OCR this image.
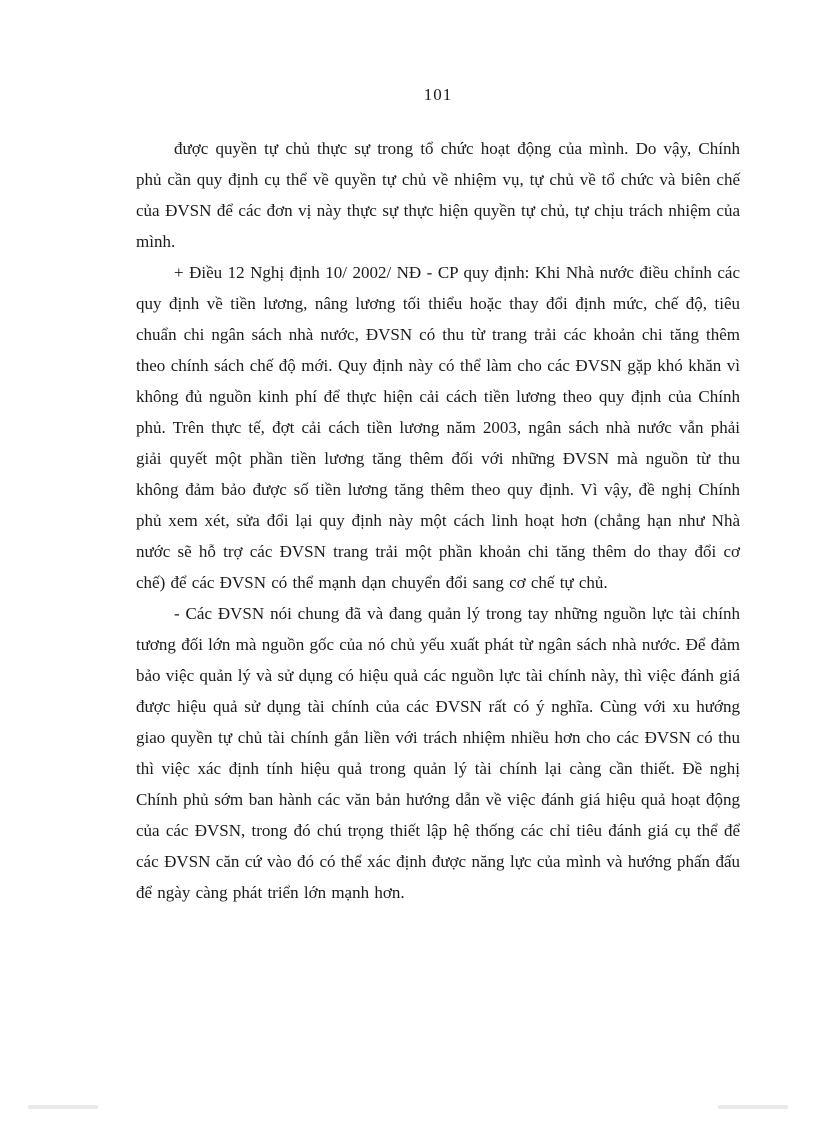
101

được quyền tự chủ thực sự trong tổ chức hoạt động của mình. Do vậy, Chính phủ cần quy định cụ thể về quyền tự chủ về nhiệm vụ, tự chủ về tổ chức và biên chế của ĐVSN để các đơn vị này thực sự thực hiện quyền tự chủ, tự chịu trách nhiệm của mình.

+ Điều 12 Nghị định 10/ 2002/ NĐ - CP quy định: Khi Nhà nước điều chỉnh các quy định về tiền lương, nâng lương tối thiểu hoặc thay đổi định mức, chế độ, tiêu chuẩn chi ngân sách nhà nước, ĐVSN có thu từ trang trải các khoản chi tăng thêm theo chính sách chế độ mới. Quy định này có thể làm cho các ĐVSN gặp khó khăn vì không đủ nguồn kinh phí để thực hiện cải cách tiền lương theo quy định của Chính phủ. Trên thực tế, đợt cải cách tiền lương năm 2003, ngân sách nhà nước vẫn phải giải quyết một phần tiền lương tăng thêm đối với những ĐVSN mà nguồn từ thu không đảm bảo được số tiền lương tăng thêm theo quy định. Vì vậy, đề nghị Chính phủ xem xét, sửa đổi lại quy định này một cách linh hoạt hơn (chẳng hạn như Nhà nước sẽ hỗ trợ các ĐVSN trang trải một phần khoản chi tăng thêm do thay đổi cơ chế) để các ĐVSN có thể mạnh dạn chuyển đổi sang cơ chế tự chủ.

- Các ĐVSN nói chung đã và đang quản lý trong tay những nguồn lực tài chính tương đối lớn mà nguồn gốc của nó chủ yếu xuất phát từ ngân sách nhà nước. Để đảm bảo việc quản lý và sử dụng có hiệu quả các nguồn lực tài chính này, thì việc đánh giá được hiệu quả sử dụng tài chính của các ĐVSN rất có ý nghĩa. Cùng với xu hướng giao quyền tự chủ tài chính gắn liền với trách nhiệm nhiều hơn cho các ĐVSN có thu thì việc xác định tính hiệu quả trong quản lý tài chính lại càng cần thiết. Đề nghị Chính phủ sớm ban hành các văn bản hướng dẫn về việc đánh giá hiệu quả hoạt động của các ĐVSN, trong đó chú trọng thiết lập hệ thống các chỉ tiêu đánh giá cụ thể để các ĐVSN căn cứ vào đó có thể xác định được năng lực của mình và hướng phấn đấu để ngày càng phát triển lớn mạnh hơn.
